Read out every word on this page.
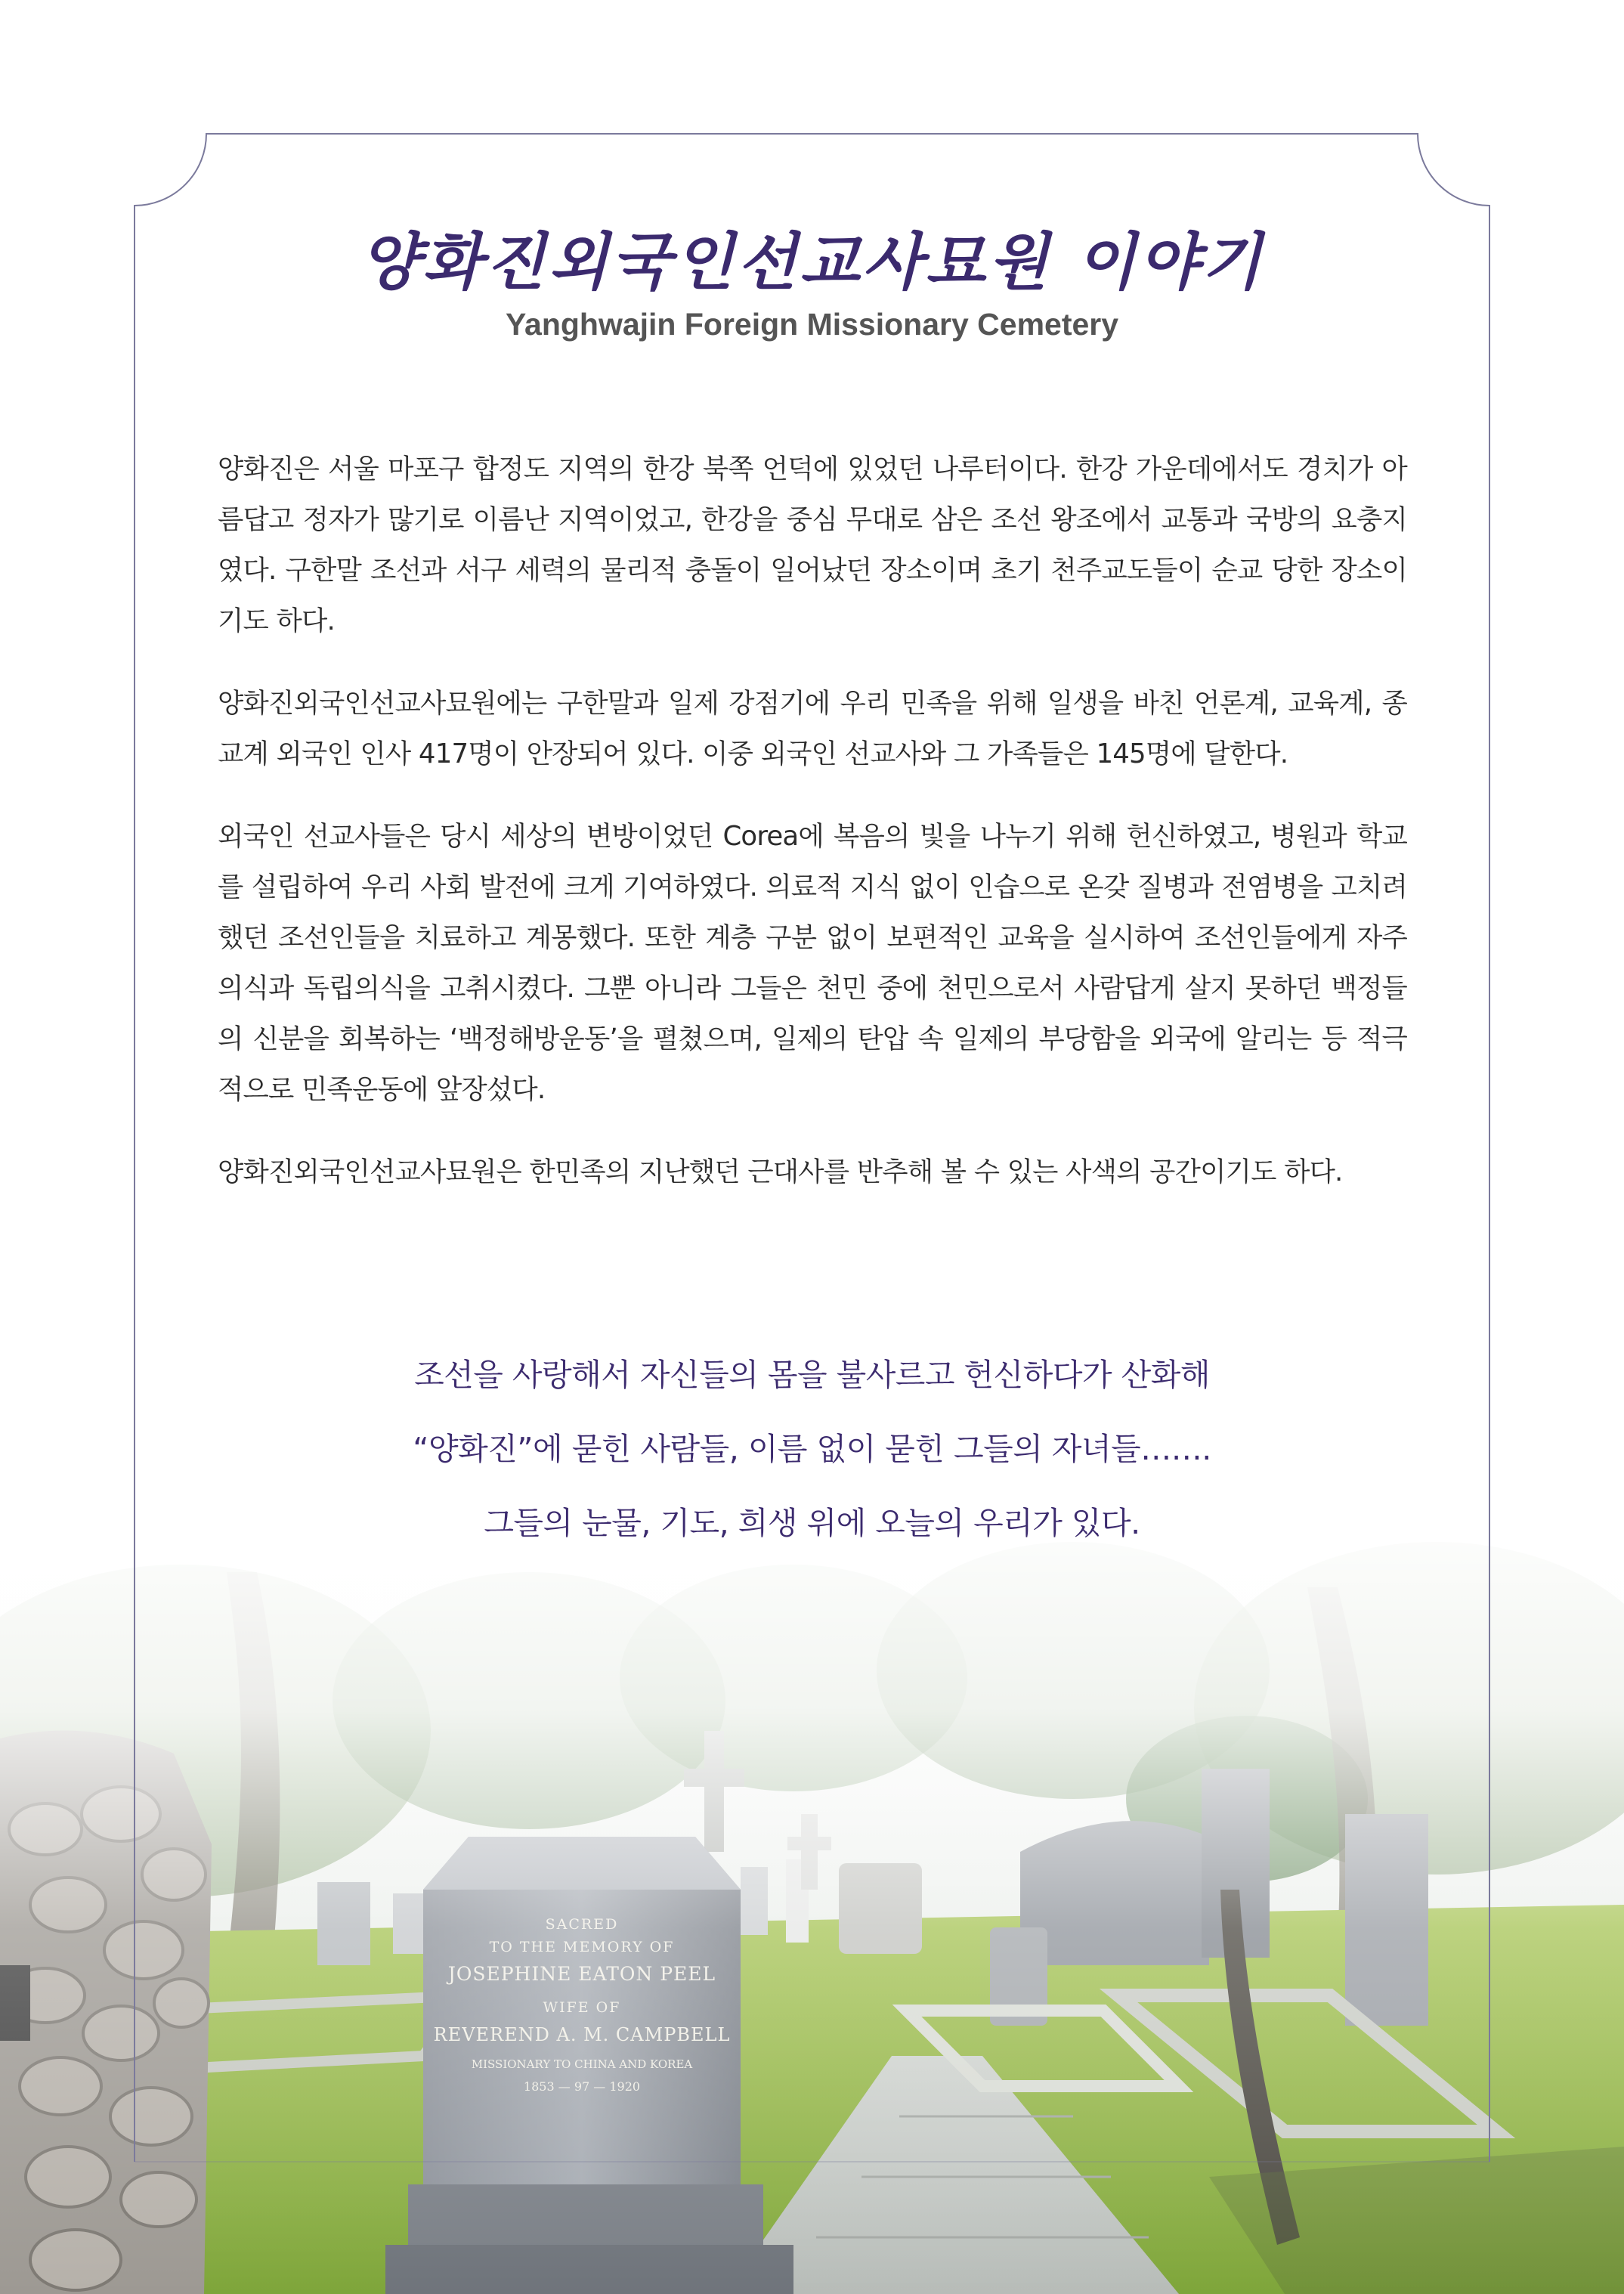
양화진외국인선교사묘원 이야기
Yanghwajin Foreign Missionary Cemetery

양화진은 서울 마포구 합정도 지역의 한강 북쪽 언덕에 있었던 나루터이다. 한강 가운데에서도 경치가 아름답고 정자가 많기로 이름난 지역이었고, 한강을 중심 무대로 삼은 조선 왕조에서 교통과 국방의 요충지였다. 구한말 조선과 서구 세력의 물리적 충돌이 일어났던 장소이며 초기 천주교도들이 순교 당한 장소이기도 하다.

양화진외국인선교사묘원에는 구한말과 일제 강점기에 우리 민족을 위해 일생을 바친 언론계, 교육계, 종교계 외국인 인사 417명이 안장되어 있다. 이중 외국인 선교사와 그 가족들은 145명에 달한다.

외국인 선교사들은 당시 세상의 변방이었던 Corea에 복음의 빛을 나누기 위해 헌신하였고, 병원과 학교를 설립하여 우리 사회 발전에 크게 기여하였다. 의료적 지식 없이 인습으로 온갖 질병과 전염병을 고치려했던 조선인들을 치료하고 계몽했다. 또한 계층 구분 없이 보편적인 교육을 실시하여 조선인들에게 자주의식과 독립의식을 고취시켰다. 그뿐 아니라 그들은 천민 중에 천민으로서 사람답게 살지 못하던 백정들의 신분을 회복하는 ‘백정해방운동’을 펼쳤으며, 일제의 탄압 속 일제의 부당함을 외국에 알리는 등 적극적으로 민족운동에 앞장섰다.

양화진외국인선교사묘원은 한민족의 지난했던 근대사를 반추해 볼 수 있는 사색의 공간이기도 하다.

조선을 사랑해서 자신들의 몸을 불사르고 헌신하다가 산화해
“양화진”에 묻힌 사람들, 이름 없이 묻힌 그들의 자녀들…….
그들의 눈물, 기도, 희생 위에 오늘의 우리가 있다.
